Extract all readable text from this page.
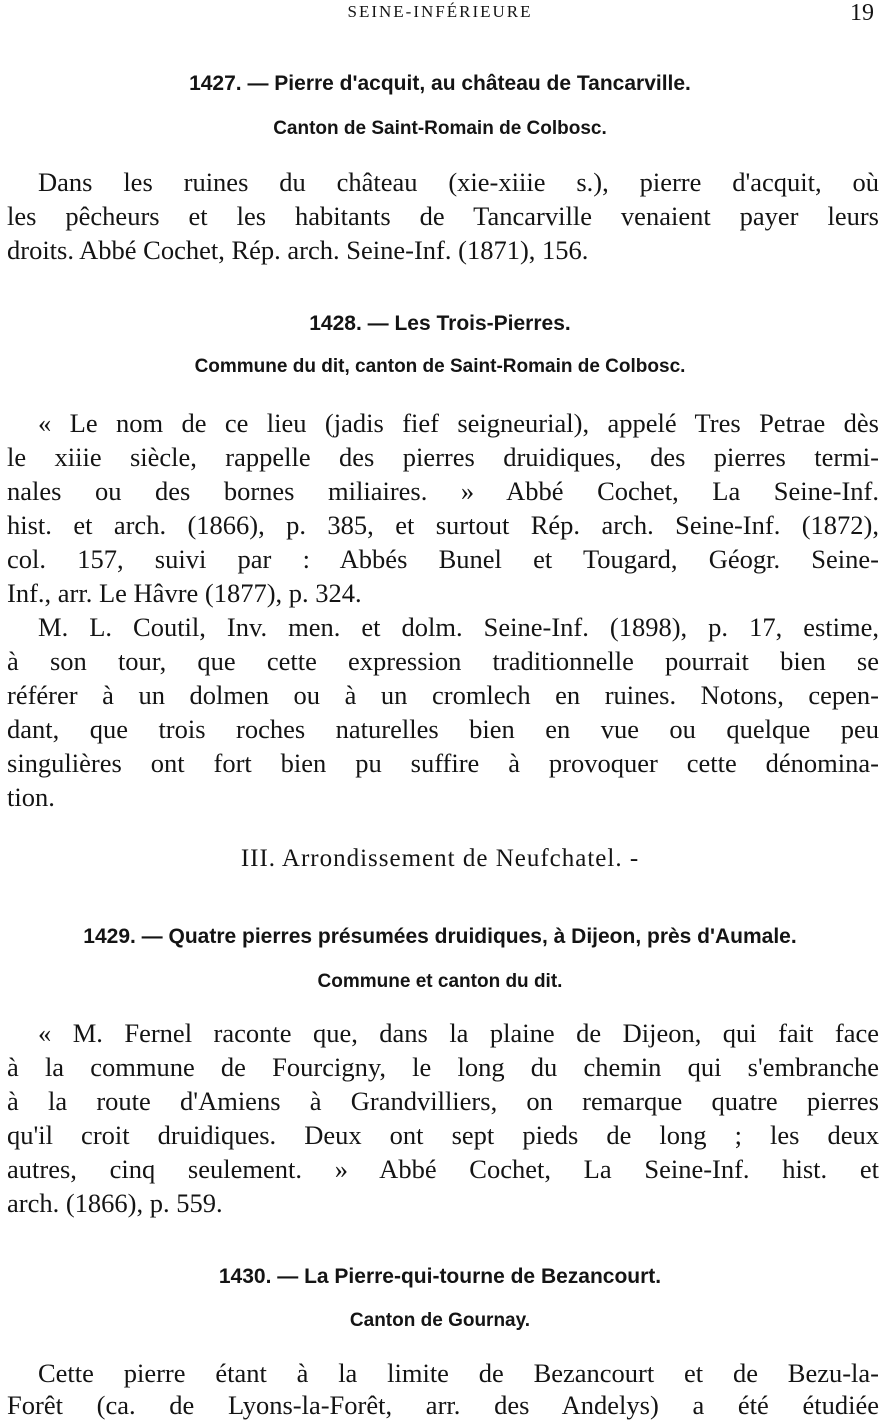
SEINE-INFÉRIEURE	19
1427. — Pierre d'acquit, au château de Tancarville.
Canton de Saint-Romain de Colbosc.
Dans les ruines du château (xie-xiiie s.), pierre d'acquit, où
les pêcheurs et les habitants de Tancarville venaient payer leurs
droits. Abbé Cochet, Rép. arch. Seine-Inf. (1871), 156.
1428. — Les Trois-Pierres.
Commune du dit, canton de Saint-Romain de Colbosc.
« Le nom de ce lieu (jadis fief seigneurial), appelé Tres Petrae dès
le xiiie siècle, rappelle des pierres druidiques, des pierres termi-
nales ou des bornes miliaires. » Abbé Cochet, La Seine-Inf.
hist. et arch. (1866), p. 385, et surtout Rép. arch. Seine-Inf. (1872),
col. 157, suivi par : Abbés Bunel et Tougard, Géogr. Seine-
Inf., arr. Le Hâvre (1877), p. 324.
M. L. Coutil, Inv. men. et dolm. Seine-Inf. (1898), p. 17, estime,
à son tour, que cette expression traditionnelle pourrait bien se
référer à un dolmen ou à un cromlech en ruines. Notons, cepen-
dant, que trois roches naturelles bien en vue ou quelque peu
singulières ont fort bien pu suffire à provoquer cette dénomina-
tion.
III. Arrondissement de Neufchatel. -
1429. — Quatre pierres présumées druidiques, à Dijeon, près d'Aumale.
Commune et canton du dit.
« M. Fernel raconte que, dans la plaine de Dijeon, qui fait face
à la commune de Fourcigny, le long du chemin qui s'embranche
à la route d'Amiens à Grandvilliers, on remarque quatre pierres
qu'il croit druidiques. Deux ont sept pieds de long ; les deux
autres, cinq seulement. » Abbé Cochet, La Seine-Inf. hist. et
arch. (1866), p. 559.
1430. — La Pierre-qui-tourne de Bezancourt.
Canton de Gournay.
Cette pierre étant à la limite de Bezancourt et de Bezu-la-
Forêt (ca. de Lyons-la-Forêt, arr. des Andelys) a été étudiée
